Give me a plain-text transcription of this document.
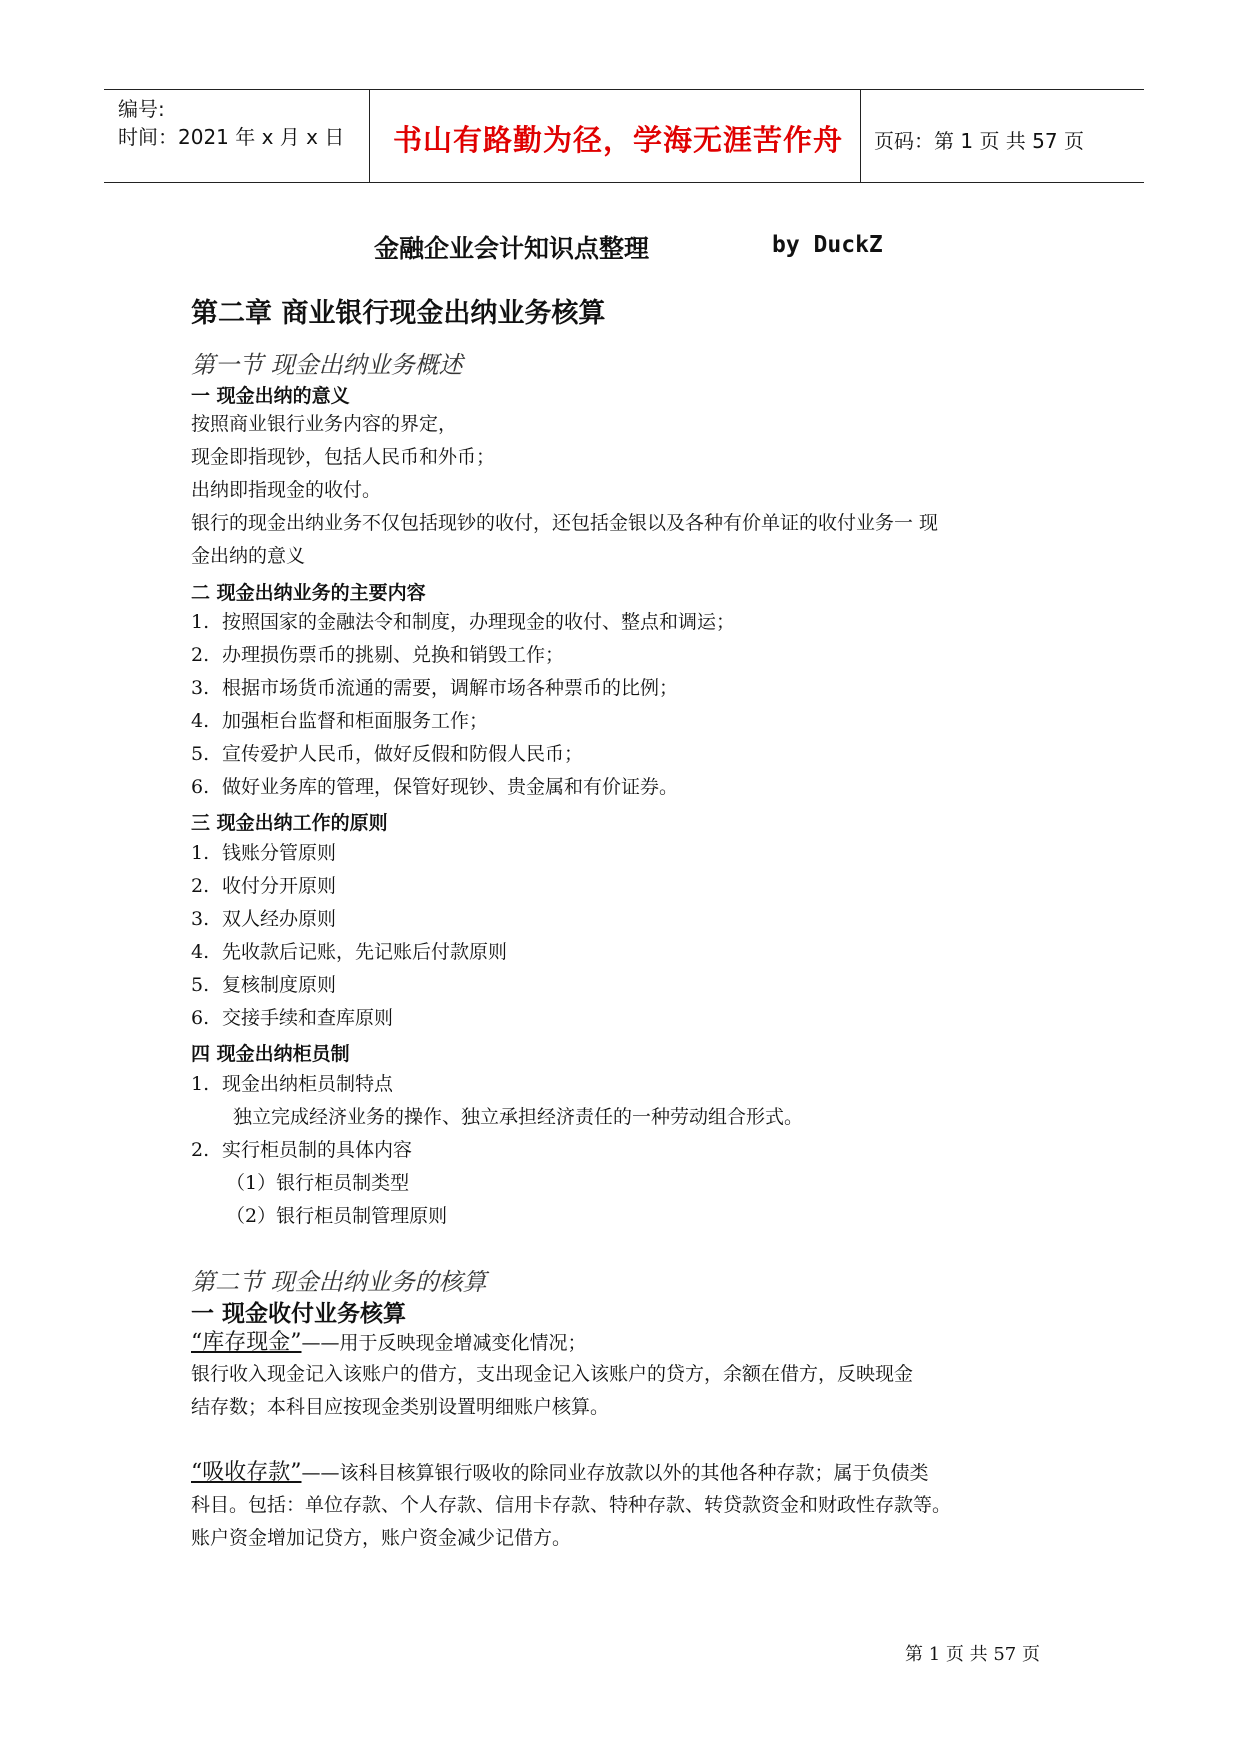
编号:
时间：2021 年 x 月 x 日 书山有路勤为径，学海无涯苦作舟 页码：第 1 页 共 57 页
金融企业会计知识点整理	by DuckZ
第二章 商业银行现金出纳业务核算
第一节 现金出纳业务概述
一 现金出纳的意义
按照商业银行业务内容的界定，
现金即指现钞，包括人民币和外币；
出纳即指现金的收付。
银行的现金出纳业务不仅包括现钞的收付，还包括金银以及各种有价单证的收付业务一 现
金出纳的意义
二 现金出纳业务的主要内容
1. 按照国家的金融法令和制度，办理现金的收付、整点和调运；
2. 办理损伤票币的挑剔、兑换和销毁工作；
3. 根据市场货币流通的需要，调解市场各种票币的比例；
4. 加强柜台监督和柜面服务工作；
5. 宣传爱护人民币，做好反假和防假人民币；
6. 做好业务库的管理，保管好现钞、贵金属和有价证券。
三 现金出纳工作的原则
1. 钱账分管原则
2. 收付分开原则
3. 双人经办原则
4. 先收款后记账，先记账后付款原则
5. 复核制度原则
6. 交接手续和查库原则
四 现金出纳柜员制
1. 现金出纳柜员制特点
独立完成经济业务的操作、独立承担经济责任的一种劳动组合形式。
2. 实行柜员制的具体内容
（1）银行柜员制类型
（2）银行柜员制管理原则
第二节 现金出纳业务的核算
一 现金收付业务核算
“库存现金”——用于反映现金增减变化情况；
银行收入现金记入该账户的借方，支出现金记入该账户的贷方，余额在借方，反映现金
结存数；本科目应按现金类别设置明细账户核算。
“吸收存款”——该科目核算银行吸收的除同业存放款以外的其他各种存款；属于负债类
科目。包括：单位存款、个人存款、信用卡存款、特种存款、转贷款资金和财政性存款等。
账户资金增加记贷方，账户资金减少记借方。
第 1 页 共 57 页
